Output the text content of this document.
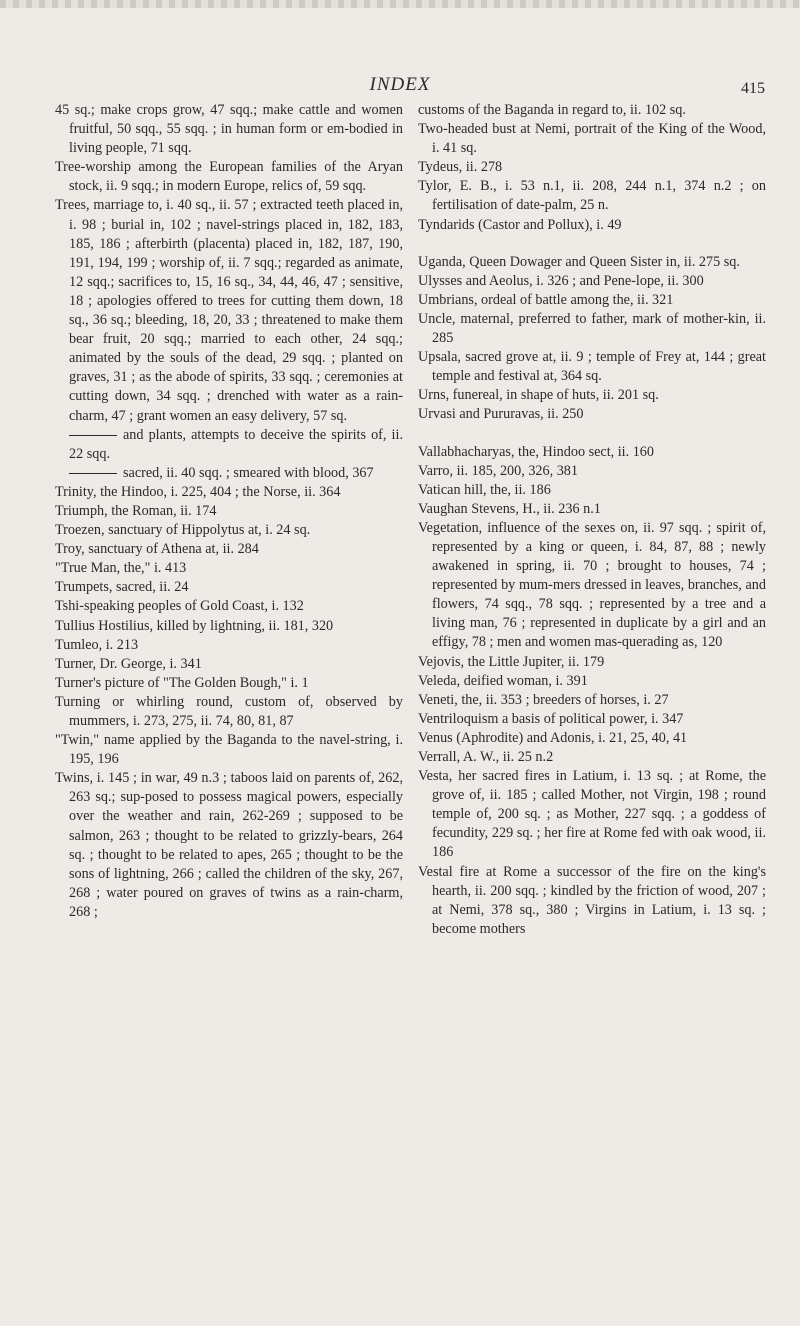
INDEX	415

45 sq.; make crops grow, 47 sqq.; make cattle and women fruitful, 50 sqq., 55 sqq. ; in human form or em-bodied in living people, 71 sqq.

Tree-worship among the European families of the Aryan stock, ii. 9 sqq.; in modern Europe, relics of, 59 sqq.

Trees, marriage to, i. 40 sq., ii. 57 ; extracted teeth placed in, i. 98 ; burial in, 102 ; navel-strings placed in, 182, 183, 185, 186 ; afterbirth (placenta) placed in, 182, 187, 190, 191, 194, 199 ; worship of, ii. 7 sqq.; regarded as animate, 12 sqq.; sacrifices to, 15, 16 sq., 34, 44, 46, 47 ; sensitive, 18 ; apologies offered to trees for cutting them down, 18 sq., 36 sq.; bleeding, 18, 20, 33 ; threatened to make them bear fruit, 20 sqq.; married to each other, 24 sqq.; animated by the souls of the dead, 29 sqq. ; planted on graves, 31 ; as the abode of spirits, 33 sqq. ; ceremonies at cutting down, 34 sqq. ; drenched with water as a rain-charm, 47 ; grant women an easy delivery, 57 sq.

and plants, attempts to deceive the spirits of, ii. 22 sqq.

sacred, ii. 40 sqq. ; smeared with blood, 367

Trinity, the Hindoo, i. 225, 404 ; the Norse, ii. 364

Triumph, the Roman, ii. 174

Troezen, sanctuary of Hippolytus at, i. 24 sq.

Troy, sanctuary of Athena at, ii. 284

"True Man, the," i. 413

Trumpets, sacred, ii. 24

Tshi-speaking peoples of Gold Coast, i. 132

Tullius Hostilius, killed by lightning, ii. 181, 320

Tumleo, i. 213

Turner, Dr. George, i. 341

Turner's picture of "The Golden Bough," i. 1

Turning or whirling round, custom of, observed by mummers, i. 273, 275, ii. 74, 80, 81, 87

"Twin," name applied by the Baganda to the navel-string, i. 195, 196

Twins, i. 145 ; in war, 49 n.3 ; taboos laid on parents of, 262, 263 sq.; sup-posed to possess magical powers, especially over the weather and rain, 262-269 ; supposed to be salmon, 263 ; thought to be related to grizzly-bears, 264 sq. ; thought to be related to apes, 265 ; thought to be the sons of lightning, 266 ; called the children of the sky, 267, 268 ; water poured on graves of twins as a rain-charm, 268 ;

customs of the Baganda in regard to, ii. 102 sq.

Two-headed bust at Nemi, portrait of the King of the Wood, i. 41 sq.

Tydeus, ii. 278

Tylor, E. B., i. 53 n.1, ii. 208, 244 n.1, 374 n.2 ; on fertilisation of date-palm, 25 n.

Tyndarids (Castor and Pollux), i. 49

Uganda, Queen Dowager and Queen Sister in, ii. 275 sq.

Ulysses and Aeolus, i. 326 ; and Pene-lope, ii. 300

Umbrians, ordeal of battle among the, ii. 321

Uncle, maternal, preferred to father, mark of mother-kin, ii. 285

Upsala, sacred grove at, ii. 9 ; temple of Frey at, 144 ; great temple and festival at, 364 sq.

Urns, funereal, in shape of huts, ii. 201 sq.

Urvasi and Pururavas, ii. 250

Vallabhacharyas, the, Hindoo sect, ii. 160

Varro, ii. 185, 200, 326, 381

Vatican hill, the, ii. 186

Vaughan Stevens, H., ii. 236 n.1

Vegetation, influence of the sexes on, ii. 97 sqq. ; spirit of, represented by a king or queen, i. 84, 87, 88 ; newly awakened in spring, ii. 70 ; brought to houses, 74 ; represented by mum-mers dressed in leaves, branches, and flowers, 74 sqq., 78 sqq. ; represented by a tree and a living man, 76 ; represented in duplicate by a girl and an effigy, 78 ; men and women mas-querading as, 120

Vejovis, the Little Jupiter, ii. 179

Veleda, deified woman, i. 391

Veneti, the, ii. 353 ; breeders of horses, i. 27

Ventriloquism a basis of political power, i. 347

Venus (Aphrodite) and Adonis, i. 21, 25, 40, 41

Verrall, A. W., ii. 25 n.2

Vesta, her sacred fires in Latium, i. 13 sq. ; at Rome, the grove of, ii. 185 ; called Mother, not Virgin, 198 ; round temple of, 200 sq. ; as Mother, 227 sqq. ; a goddess of fecundity, 229 sq. ; her fire at Rome fed with oak wood, ii. 186

Vestal fire at Rome a successor of the fire on the king's hearth, ii. 200 sqq. ; kindled by the friction of wood, 207 ; at Nemi, 378 sq., 380 ; Virgins in Latium, i. 13 sq. ; become mothers
